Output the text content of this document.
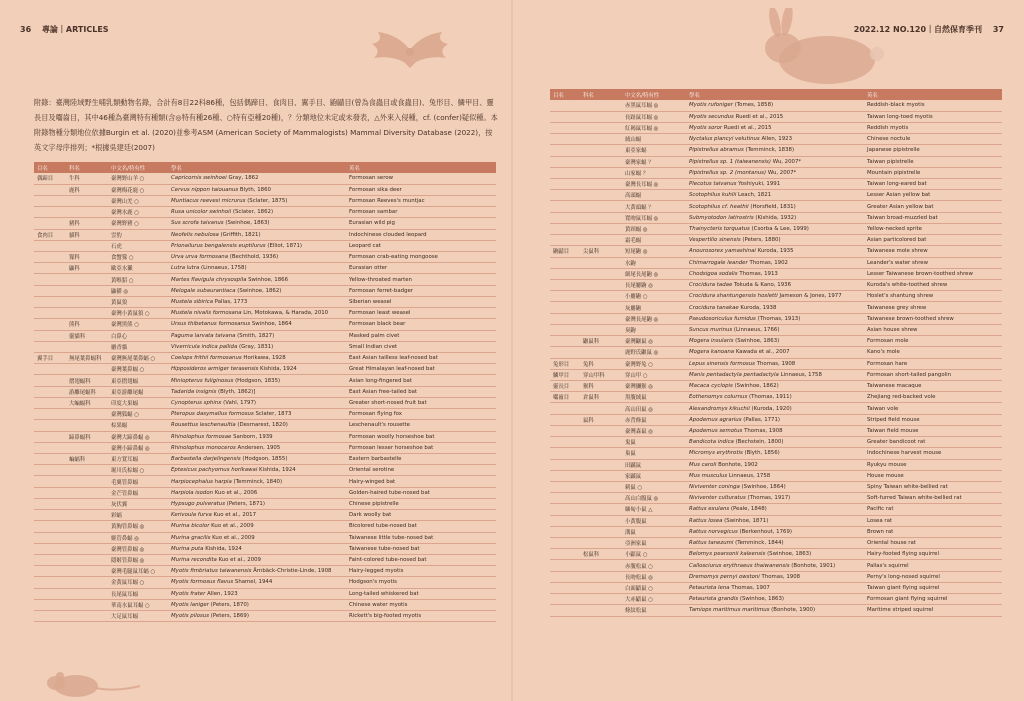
36 專論｜ARTICLES	2022.12 NO.120｜自然保育季刊 37

附錄：臺灣陸域野生哺乳類動物名錄，合計有8目22科86種，包括偶蹄目、食肉目、翼手目、鼩鼱目(曾為食蟲目或食蟲目)、兔形目、鱗甲目、靈長目及囓齒目，其中46種為臺灣特有種類(含◎特有種26種、○特有亞種20種)，？分類地位未定或未發表，△外來入侵種，cf. (confer)疑似種。本附錄物種分類地位依據Burgin et al. (2020)並參考ASM (American Society of Mammalogists) Mammal Diversity Database (2022)，按英文字母序排列；*根據吳建廷(2007)

目名	科名	中文名/特有性	學名	英名
偶蹄目	牛科	臺灣野山羊 ○	Capricornis swinhoei Gray, 1862	Formosan serow
	鹿科	臺灣梅花鹿 ○	Cervus nippon taiouanus Blyth, 1860	Formosan sika deer
		臺灣山羌 ○	Muntiacus reevesi micrurus (Sclater, 1875)	Formosan Reeves's muntjac
		臺灣水鹿 ○	Rusa unicolor swinhoii (Sclater, 1862)	Formosan sambar
	豬科	臺灣野豬 ○	Sus scrofa taivanus (Swinhoe, 1863)	Eurasian wild pig
食肉目	貓科	雲豹	Neofelis nebulosa (Griffith, 1821)	Indochinese clouded leopard
		石虎	Prionailurus bengalensis euptilurus (Elliot, 1871)	Leopard cat
	獴科	食蟹獴 ○	Urva urva formosana (Bechthold, 1936)	Formosan crab-eating mongoose
	鼬科	歐亞水獺	Lutra lutra (Linnaeus, 1758)	Eurasian otter
		黃喉貂 ○	Martes flavigula chrysospila Swinhoe, 1866	Yellow-throated marten
		鼬獾 ◎	Melogale subaurantiaca (Swinhoe, 1862)	Formosan ferret-badger
		黃鼠狼	Mustela sibirica Pallas, 1773	Siberian weasel
		臺灣小黃鼠狼 ○	Mustela nivalis formosana Lin, Motokawa, & Harada, 2010	Formosan least weasel
	熊科	臺灣黑熊 ○	Ursus thibetanus formosanus Swinhoe, 1864	Formosan black bear
	靈貓科	白鼻心	Paguma larvata taivana (Smith, 1827)	Masked palm civet
		麝香貓	Viverricula indica pallida (Gray, 1831)	Small Indian civet
翼手目	無尾葉鼻蝠科	臺灣無尾葉鼻蝠 ○	Coelops frithii formosanus Horikawa, 1928	East Asian tailless leaf-nosed bat
		臺灣葉鼻蝠 ○	Hipposideros armiger terasensis Kishida, 1924	Great Himalayan leaf-nosed bat
	摺翅蝠科	東亞摺翅蝠	Miniopterus fuliginosus (Hodgson, 1835)	Asian long-fingered bat
	游離尾蝠科	東亞游離尾蝠	Tadarida insignis (Blyth, 1862)]	East Asian free-tailed bat
	大蝙蝠科	印度大果蝠	Cynopterus sphinx (Vahl, 1797)	Greater short-nosed fruit bat
		臺灣狐蝠 ○	Pteropus dasymallus formosus Sclater, 1873	Formosan flying fox
		棕果蝠	Rousettus leschenaultia (Desmarest, 1820)	Leschenault's rousette
	蹄鼻蝠科	臺灣大蹄鼻蝠 ◎	Rhinolophus formosae Sanborn, 1939	Formosan woolly horseshoe bat
		臺灣小蹄鼻蝠 ◎	Rhinolophus monoceros Andersen, 1905	Formosan lesser horseshoe bat
	蝙蝠科	東方寬耳蝠	Barbastella darjelingensis (Hodgson, 1855)	Eastern barbastelle
		堀川氏棕蝠 ○	Eptesicus pachyomus horikawai Kishida, 1924	Oriental serotine
		毛翼管鼻蝠	Harpiocephalus harpia (Temminck, 1840)	Hairy-winged bat
		金芒管鼻蝠	Harpiola isodon Kuo et al., 2006	Golden-haired tube-nosed bat
		灰伏翼	Hypsugo pulveratus (Peters, 1871)	Chinese pipistrelle
		彩蝠	Kerivoula furva Kuo et al., 2017	Dark woolly bat
		黃胸管鼻蝠 ◎	Murina bicolor Kuo et al., 2009	Bicolored tube-nosed bat
		姬管鼻蝠 ◎	Murina gracilis Kuo et al., 2009	Taiwanese little tube-nosed bat
		臺灣管鼻蝠 ◎	Murina puta Kishida, 1924	Taiwanese tube-nosed bat
		隱姬管鼻蝠 ◎	Murina recondita Kuo et al., 2009	Faint-colored tube-nosed bat
		臺灣毛腿鼠耳蝠 ○	Myotis fimbriatus taiwanensis Ärnbäck-Christie-Linde, 1908	Hairy-legged myotis
		金黃鼠耳蝠 ○	Myotis formosus flavus Shamel, 1944	Hodgson's myotis
		長尾鼠耳蝠	Myotis frater Allen, 1923	Long-tailed whiskered bat
		華南水鼠耳蝠 ○	Myotis laniger (Peters, 1870)	Chinese water myotis
		大足鼠耳蝠	Myotis pilosus (Peters, 1869)	Rickett's big-footed myotis
目名	科名	中文名/特有性	學名	英名
		赤黑鼠耳蝠 ◎	Myotis rufoniger (Tomes, 1858)	Reddish-black myotis
		長趾鼠耳蝠 ◎	Myotis secundus Ruedi et al., 2015	Taiwan long-toed myotis
		紅褐鼠耳蝠 ◎	Myotis soror Ruedi et al., 2015	Reddish myotis
		絨山蝠	Nyctalus plancyi velutinus Allen, 1923	Chinese noctule
		東亞家蝠	Pipistrellus abramus (Temminck, 1838)	Japanese pipistrelle
		臺灣家蝠 ？	Pipistrellus sp. 1 (taiwanensis) Wu, 2007*	Taiwan pipistrelle
		山家蝠 ？	Pipistrellus sp. 2 (montanus) Wu, 2007*	Mountain pipistrelle
		臺灣長耳蝠 ◎	Plecotus taivanus Yoshiyuki, 1991	Taiwan long-eared bat
		高頭蝠	Scotophilus kuhlii Leach, 1821	Lesser Asian yellow bat
		大黃頭蝠 ？	Scotophilus cf. heathii (Horsfield, 1831)	Greater Asian yellow bat
		寬吻鼠耳蝠 ◎	Submyotodon latirostris (Kishida, 1932)	Taiwan broad-muzzled bat
		黃頸蝠 ◎	Thainycteris torquatus (Csorba & Lee, 1999)	Yellow-necked sprite
		霜毛蝠	Vespertilio sinensis (Peters, 1880)	Asian particolored bat
鼩鼱目	尖鼠科	短尾鼩 ◎	Anourosorex yamashinai Kuroda, 1935	Taiwanese mole shrew
		水鼩	Chimarrogale leander Thomas, 1902	Leander's water shrew
		細尾長尾鼩 ◎	Chodsigoa sodalis Thomas, 1913	Lesser Taiwanese brown-toothed shrew
		長尾麝鼩 ◎	Crocidura tadae Tokuda & Kano, 1936	Kuroda's white-toothed shrew
		小麝鼩 ○	Crocidura shantungensis hosletti Jameson & Jones, 1977	Hoslet's shantung shrew
		灰麝鼩	Crocidura tanakae Kuroda, 1938	Taiwanese grey shrew
		臺灣長尾鼩 ◎	Pseudosoriculus fumidus (Thomas, 1913)	Taiwanese brown-toothed shrew
		臭鼩	Suncus murinus (Linnaeus, 1766)	Asian house shrew
	鼴鼠科	臺灣鼴鼠 ◎	Mogera insularis (Swinhoe, 1863)	Formosan mole
		鹿野氏鼴鼠 ◎	Mogera kanoana Kawada et al., 2007	Kano's mole
兔形目	兔科	臺灣野兔 ○	Lepus sinensis formosus Thomas, 1908	Formosan hare
鱗甲目	穿山甲科	穿山甲 ○	Manis pentadactyla pentadactyla Linnaeus, 1758	Formosan short-tailed pangolin
靈長目	猴科	臺灣獼猴 ◎	Macaca cyclopis (Swinhoe, 1862)	Taiwanese macaque
囓齒目	倉鼠科	黑腹絨鼠	Eothenomys colurnus (Thomas, 1911)	Zhejiang red-backed vole
		高山田鼠 ◎	Alexandromys kikuchii (Kuroda, 1920)	Taiwan vole
	鼠科	赤背條鼠	Apodemus agrarius (Pallas, 1771)	Striped field mouse
		臺灣森鼠 ◎	Apodemus semotus Thomas, 1908	Taiwan field mouse
		鬼鼠	Bandicota indica (Bechstein, 1800)	Greater bandicoot rat
		巢鼠	Micromys erythrotis (Blyth, 1856)	Indochinese harvest mouse
		田鼷鼠	Mus caroli Bonhote, 1902	Ryukyu mouse
		家鼷鼠	Mus musculus Linnaeus, 1758	House mouse
		刺鼠 ○	Niviventer coninga (Swinhoe, 1864)	Spiny Taiwan white-bellied rat
		高山白腹鼠 ◎	Niviventer culturatus (Thomas, 1917)	Soft-furred Taiwan white-bellied rat
		緬甸小鼠 △	Rattus exulans (Peale, 1848)	Pacific rat
		小黃腹鼠	Rattus losea (Swinhoe, 1871)	Losea rat
		溝鼠	Rattus norvegicus (Berkenhout, 1769)	Brown rat
		亞洲家鼠	Rattus tanezumi (Temminck, 1844)	Oriental house rat
	松鼠科	小鼯鼠 ○	Belomys pearsonii kaleensis (Swinhoe, 1863)	Hairy-footed flying squirrel
		赤腹松鼠 ○	Callosciurus erythraeus thaiwanensis (Bonhote, 1901)	Pallas's squirrel
		長吻松鼠 ◎	Dremomys pernyi owstoni Thomas, 1908	Perny's long-nosed squirrel
		白面鼯鼠 ○	Petaurista lena Thomas, 1907	Taiwan giant flying squirrel
		大赤鼯鼠 ○	Petaurista grandis (Swinhoe, 1863)	Formosan giant flying squirrel
		條紋松鼠	Tamiops maritimus maritimus (Bonhote, 1900)	Maritime striped squirrel
